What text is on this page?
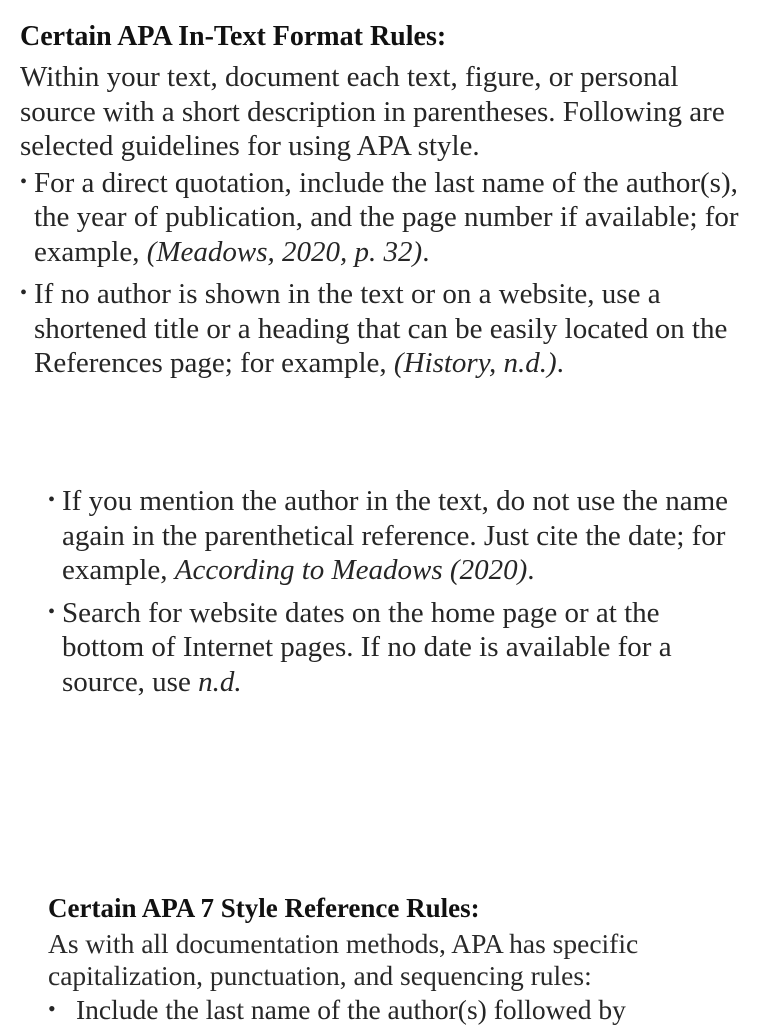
Certain APA In-Text Format Rules:
Within your text, document each text, figure, or personal source with a short description in parentheses. Following are selected guidelines for using APA style.
• For a direct quotation, include the last name of the author(s), the year of publication, and the page number if available; for example, (Meadows, 2020, p. 32).
• If no author is shown in the text or on a website, use a shortened title or a heading that can be easily located on the References page; for example, (History, n.d.).
• If you mention the author in the text, do not use the name again in the parenthetical reference. Just cite the date; for example, According to Meadows (2020).
• Search for website dates on the home page or at the bottom of Internet pages. If no date is available for a source, use n.d.
Certain APA 7 Style Reference Rules:
As with all documentation methods, APA has specific capitalization, punctuation, and sequencing rules:
• Include the last name of the author(s) followed by
